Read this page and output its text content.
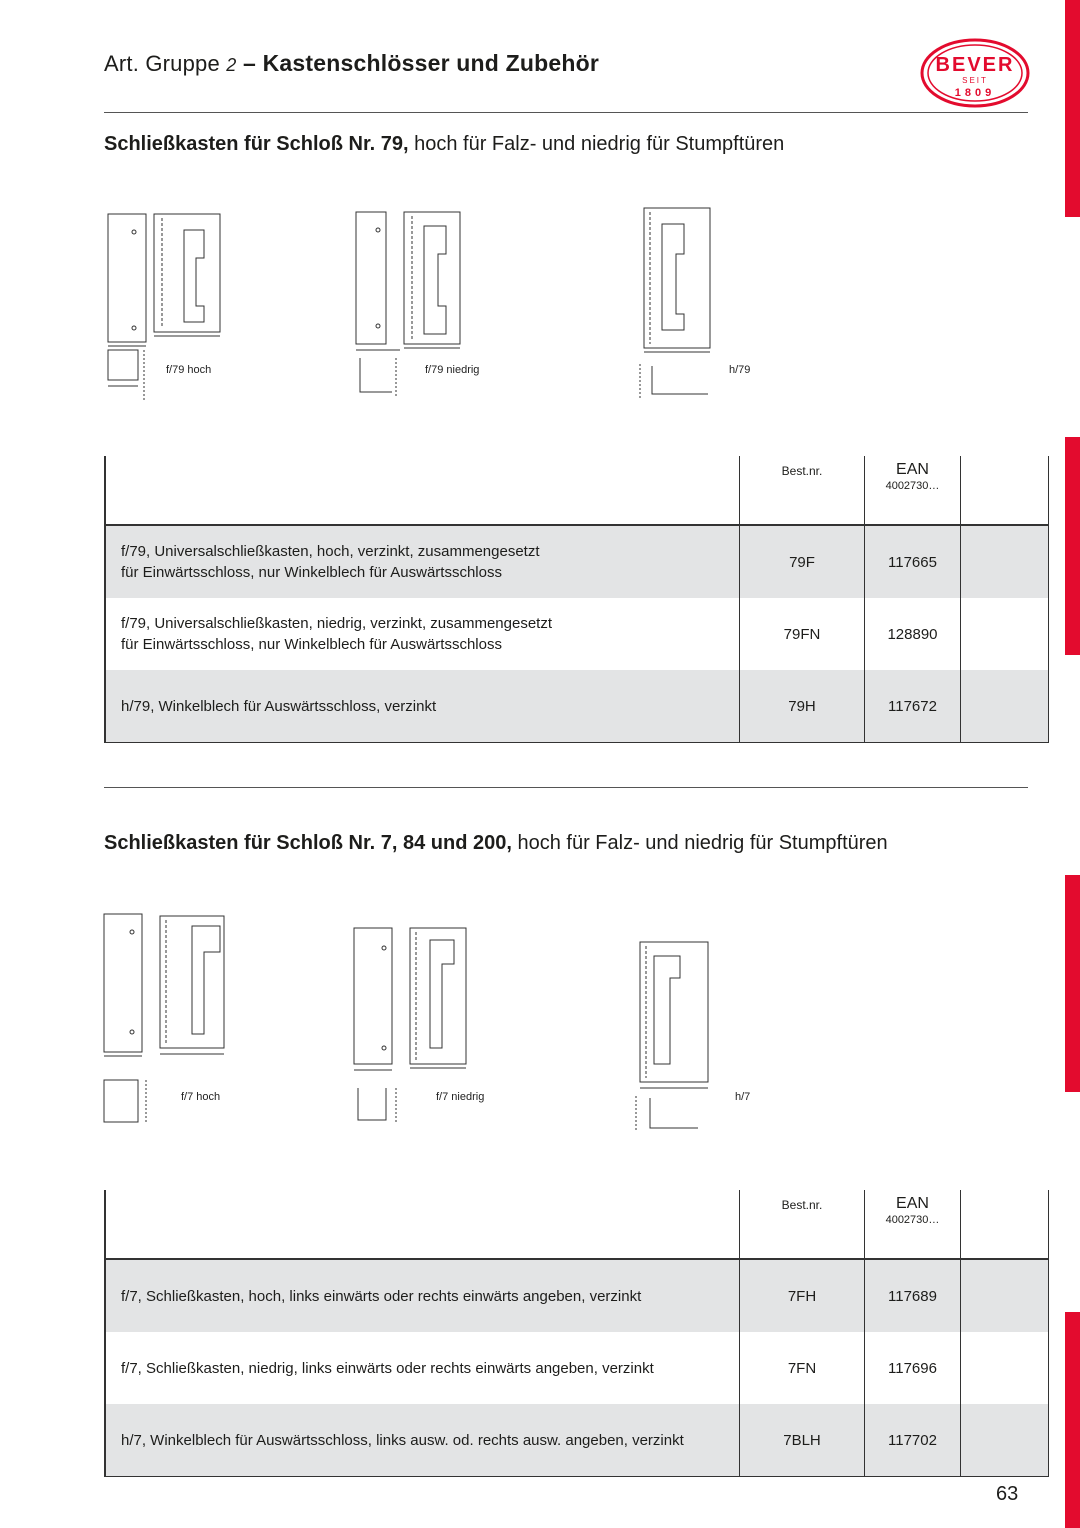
Art. Gruppe 2 – Kastenschlösser und Zubehör	BEVER
SEIT
1809
Schließkasten für Schloß Nr. 79, hoch für Falz- und niedrig für Stumpftüren
f/79 hoch	f/79 niedrig	h/79
	Best.nr.	EAN
4002730…	

f/79, Universalschließkasten, hoch, verzinkt, zusammengesetzt
für Einwärtsschloss, nur Winkelblech für Auswärtsschloss	79F	117665	

f/79, Universalschließkasten, niedrig, verzinkt, zusammengesetzt
für Einwärtsschloss, nur Winkelblech für Auswärtsschloss	79FN	128890	

h/79, Winkelblech für Auswärtsschloss, verzinkt	79H	117672	
Schließkasten für Schloß Nr. 7, 84 und 200, hoch für Falz- und niedrig für Stumpftüren
f/7 hoch	f/7 niedrig	h/7
	Best.nr.	EAN
4002730…	

f/7, Schließkasten, hoch, links einwärts oder rechts einwärts angeben, verzinkt	7FH	117689	

f/7, Schließkasten, niedrig, links einwärts oder rechts einwärts angeben, verzinkt	7FN	117696	

h/7, Winkelblech für Auswärtsschloss, links ausw. od. rechts ausw. angeben, verzinkt	7BLH	117702	
63
